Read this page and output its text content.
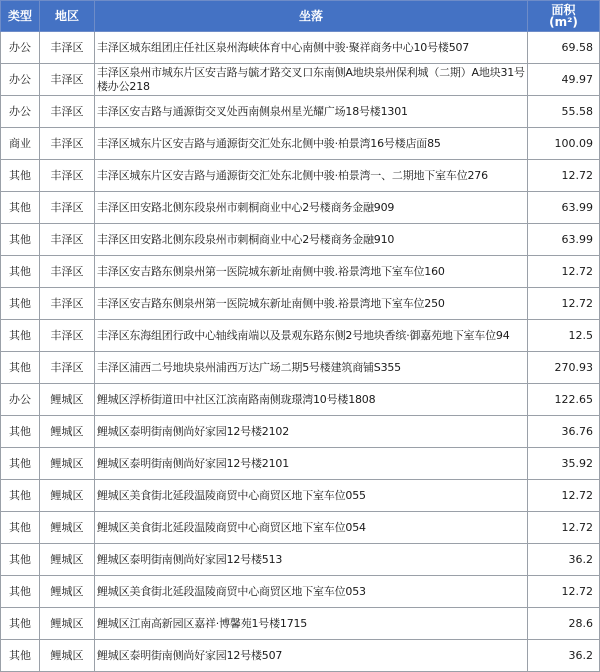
类型	地区	坐落	面积
(m²)

办公	丰泽区	丰泽区城东组团庄任社区泉州海峡体育中心南侧中骏·聚祥商务中心10号楼507	69.58
办公	丰泽区	丰泽区泉州市城东片区安吉路与毓才路交叉口东南侧A地块泉州保利城（二期）A地块31号楼办公218	49.97
办公	丰泽区	丰泽区安吉路与通源街交叉处西南侧泉州星光耀广场18号楼1301	55.58
商业	丰泽区	丰泽区城东片区安吉路与通源街交汇处东北侧中骏·柏景湾16号楼店面85	100.09
其他	丰泽区	丰泽区城东片区安吉路与通源街交汇处东北侧中骏·柏景湾一、二期地下室车位276	12.72
其他	丰泽区	丰泽区田安路北侧东段泉州市刺桐商业中心2号楼商务金融909	63.99
其他	丰泽区	丰泽区田安路北侧东段泉州市刺桐商业中心2号楼商务金融910	63.99
其他	丰泽区	丰泽区安吉路东侧泉州第一医院城东新址南侧中骏.裕景湾地下室车位160	12.72
其他	丰泽区	丰泽区安吉路东侧泉州第一医院城东新址南侧中骏.裕景湾地下室车位250	12.72
其他	丰泽区	丰泽区东海组团行政中心轴线南端以及景观东路东侧2号地块香缤·御嘉苑地下室车位94	12.5
其他	丰泽区	丰泽区浦西二号地块泉州浦西万达广场二期5号楼建筑商铺S355	270.93
办公	鲤城区	鲤城区浮桥街道田中社区江滨南路南侧珑璟湾10号楼1808	122.65
其他	鲤城区	鲤城区泰明街南侧尚好家园12号楼2102	36.76
其他	鲤城区	鲤城区泰明街南侧尚好家园12号楼2101	35.92
其他	鲤城区	鲤城区美食街北延段温陵商贸中心商贸区地下室车位055	12.72
其他	鲤城区	鲤城区美食街北延段温陵商贸中心商贸区地下室车位054	12.72
其他	鲤城区	鲤城区泰明街南侧尚好家园12号楼513	36.2
其他	鲤城区	鲤城区美食街北延段温陵商贸中心商贸区地下室车位053	12.72
其他	鲤城区	鲤城区江南高新园区嘉祥·博馨苑1号楼1715	28.6
其他	鲤城区	鲤城区泰明街南侧尚好家园12号楼507	36.2
